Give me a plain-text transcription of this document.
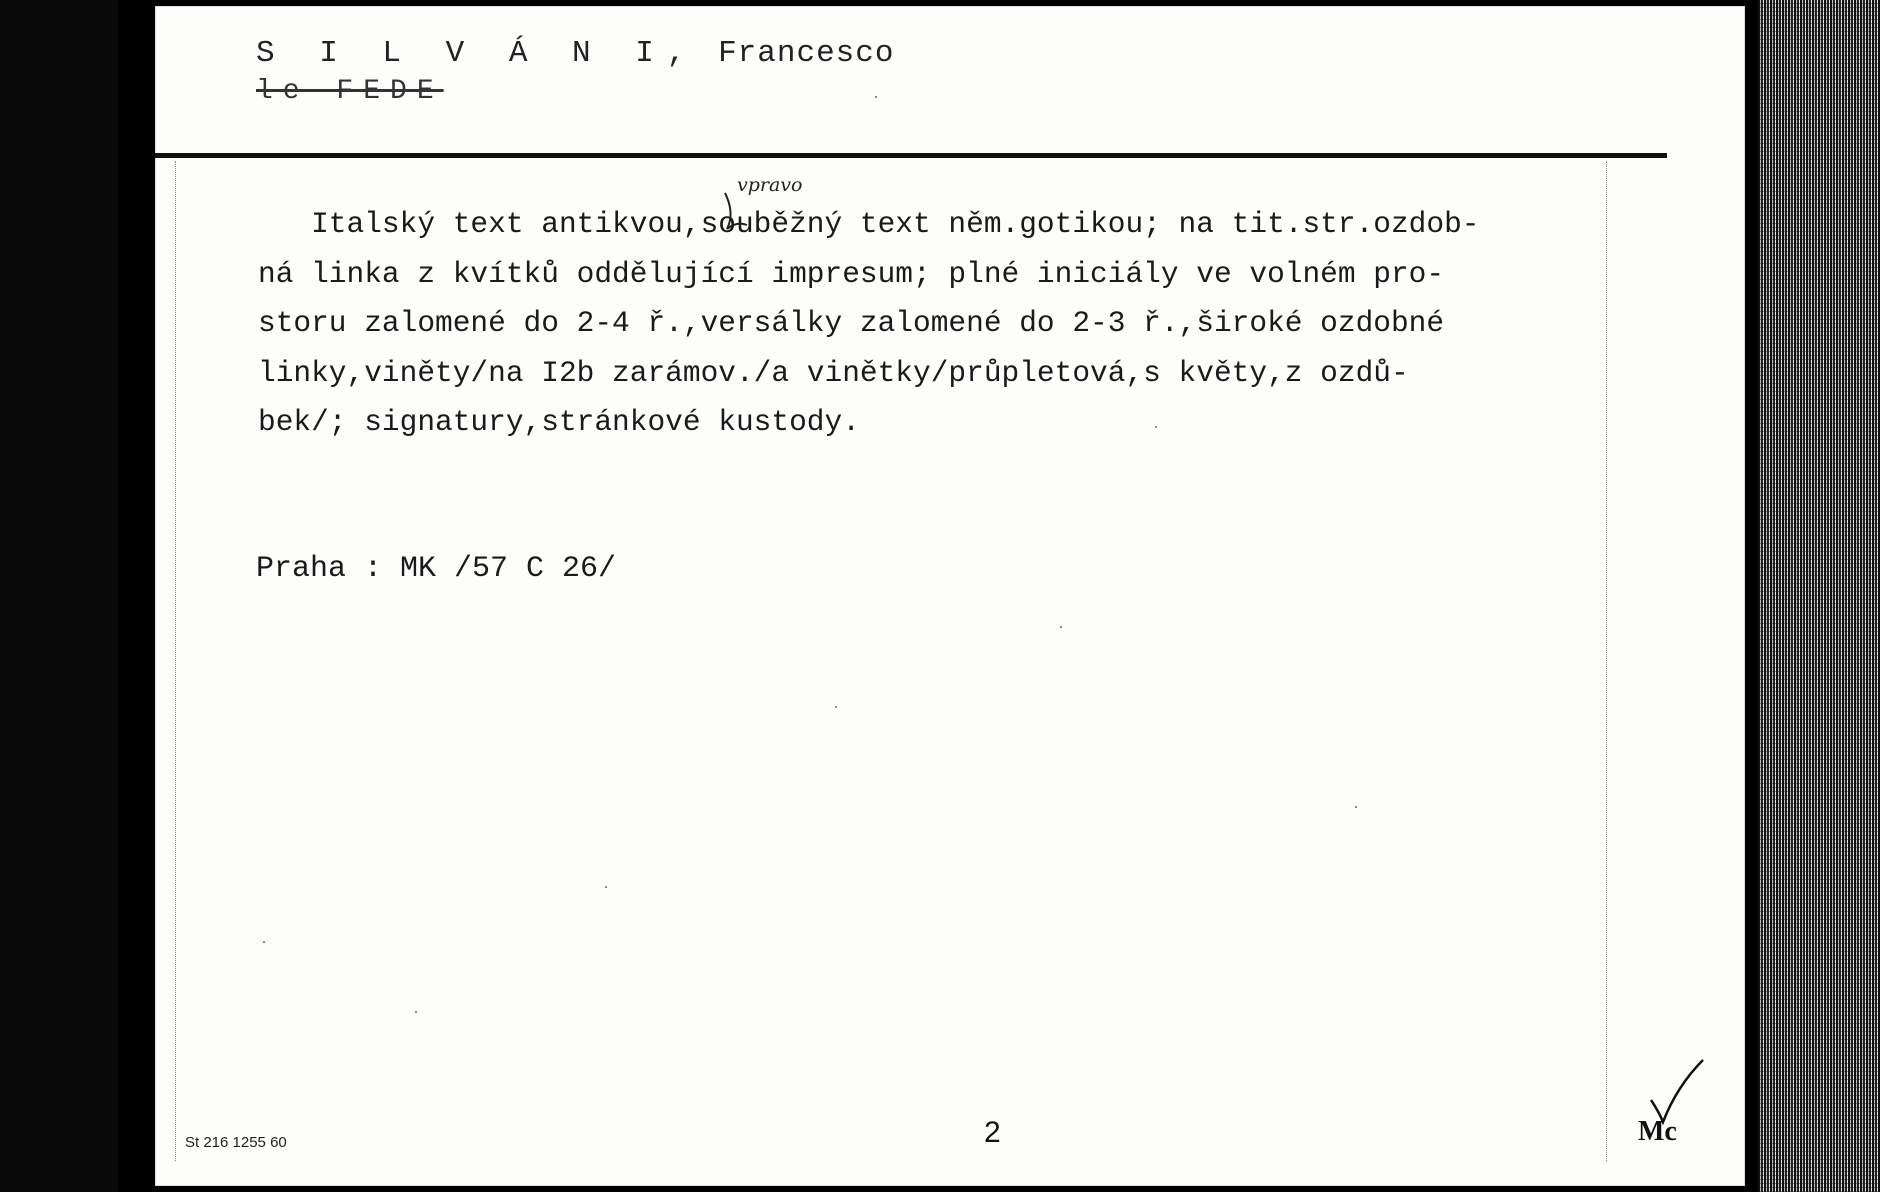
S I L V Á N I, Francesco
le FEDE
vpravo
Italský text antikvou,souběžný text něm.gotikou; na tit.str.ozdob-
ná linka z kvítků oddělující impresum; plné iniciály ve volném pro-
storu zalomené do 2-4 ř.,versálky zalomené do 2-3 ř.,široké ozdobné
linky,viněty/na I2b zarámov./a vinětky/průpletová,s květy,z ozdů-
bek/; signatury,stránkové kustody.
Praha : MK /57 C 26/
St 216 1255 60	2	Mc
